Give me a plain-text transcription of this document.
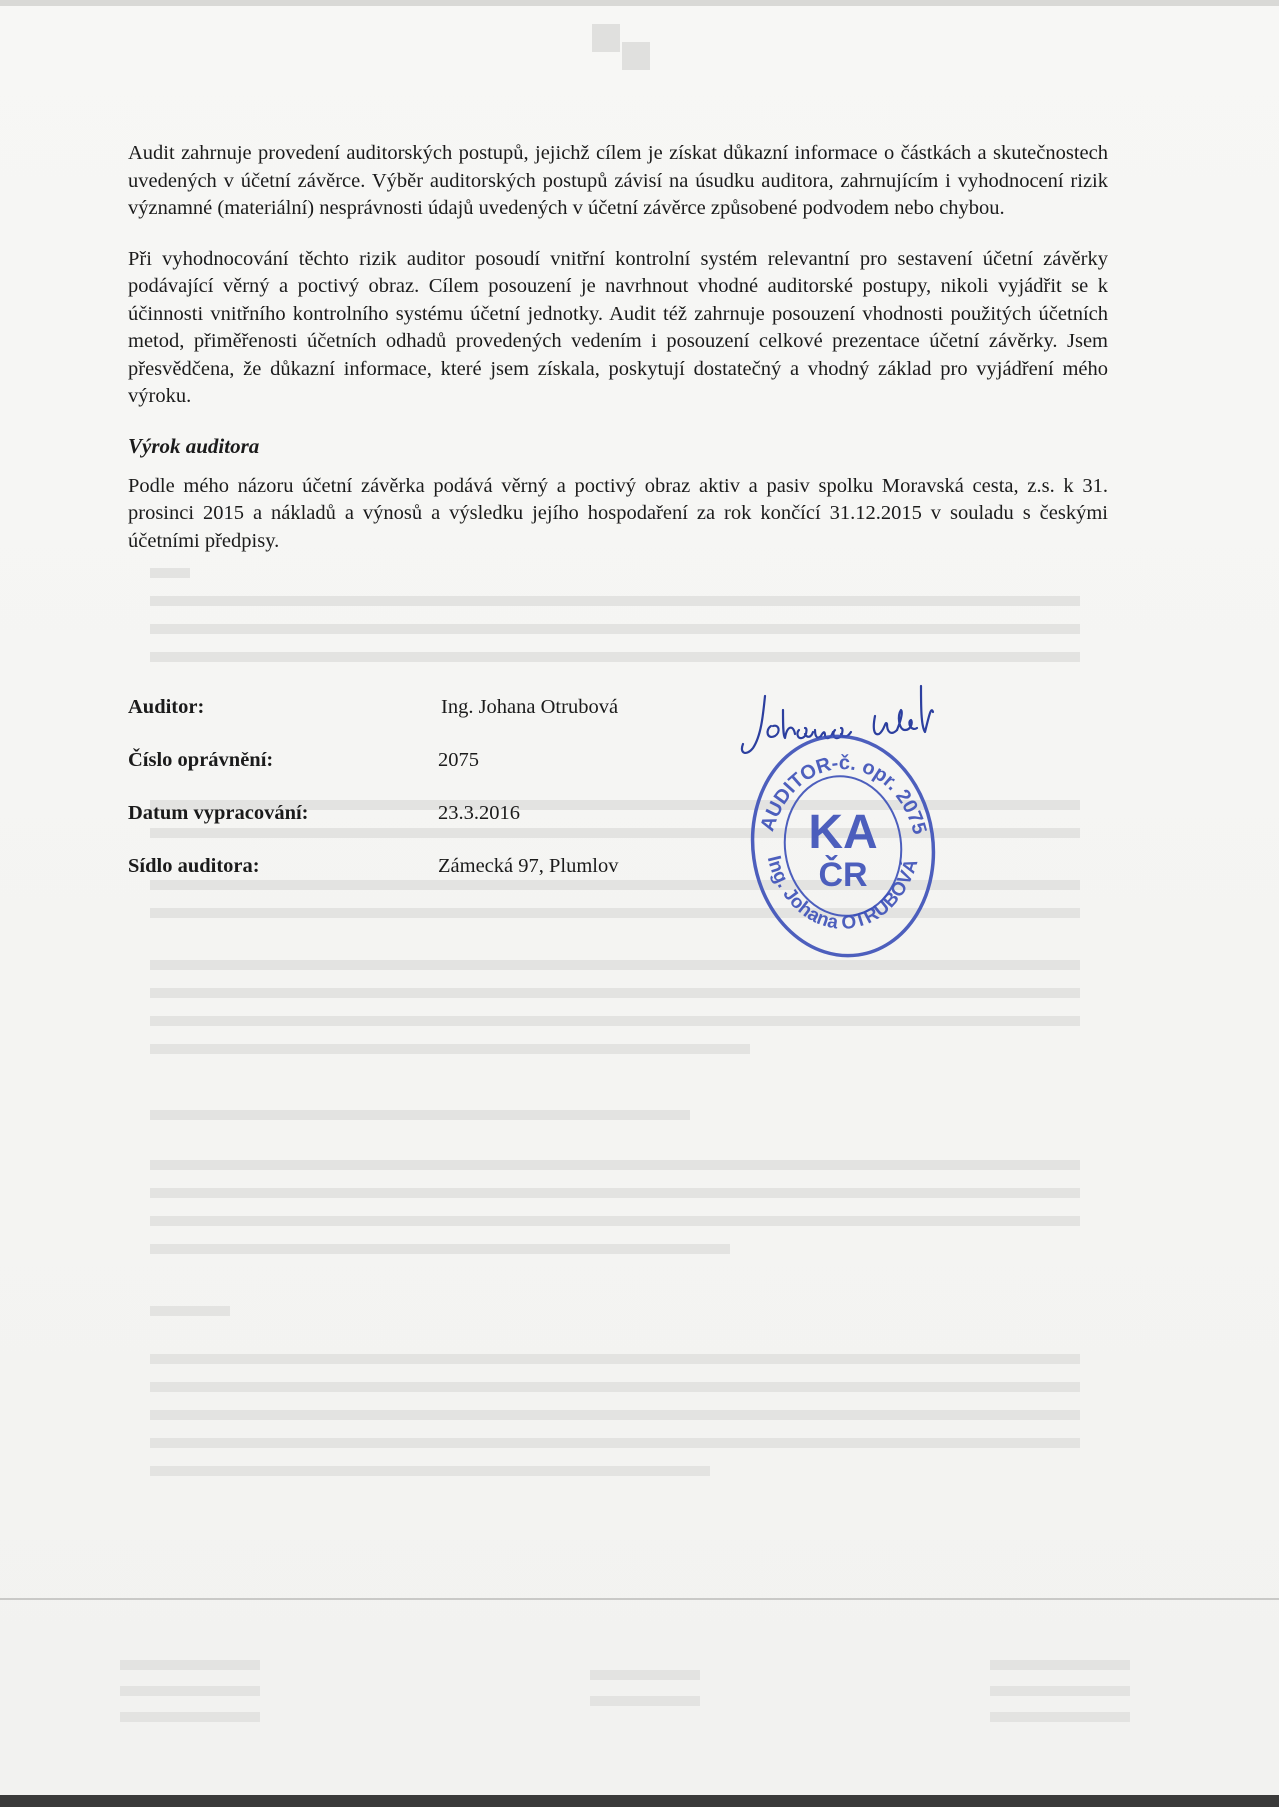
Audit zahrnuje provedení auditorských postupů, jejichž cílem je získat důkazní informace o částkách a skutečnostech uvedených v účetní závěrce. Výběr auditorských postupů závisí na úsudku auditora, zahrnujícím i vyhodnocení rizik významné (materiální) nesprávnosti údajů uvedených v účetní závěrce způsobené podvodem nebo chybou.

Při vyhodnocování těchto rizik auditor posoudí vnitřní kontrolní systém relevantní pro sestavení účetní závěrky podávající věrný a poctivý obraz. Cílem posouzení je navrhnout vhodné auditorské postupy, nikoli vyjádřit se k účinnosti vnitřního kontrolního systému účetní jednotky. Audit též zahrnuje posouzení vhodnosti použitých účetních metod, přiměřenosti účetních odhadů provedených vedením i posouzení celkové prezentace účetní závěrky. Jsem přesvědčena, že důkazní informace, které jsem získala, poskytují dostatečný a vhodný základ pro vyjádření mého výroku.

Výrok auditora

Podle mého názoru účetní závěrka podává věrný a poctivý obraz aktiv a pasiv spolku Moravská cesta, z.s. k 31. prosinci 2015 a nákladů a výnosů a výsledku jejího hospodaření za rok končící 31.12.2015 v souladu s českými účetními předpisy.

Auditor:	Ing. Johana Otrubová
Číslo oprávnění:	2075
Datum vypracování:	23.3.2016
Sídlo auditora:	Zámecká 97, Plumlov
AUDITOR-č. opr. 2075
Ing. Johana OTRUBOVÁ
KA
ČR
